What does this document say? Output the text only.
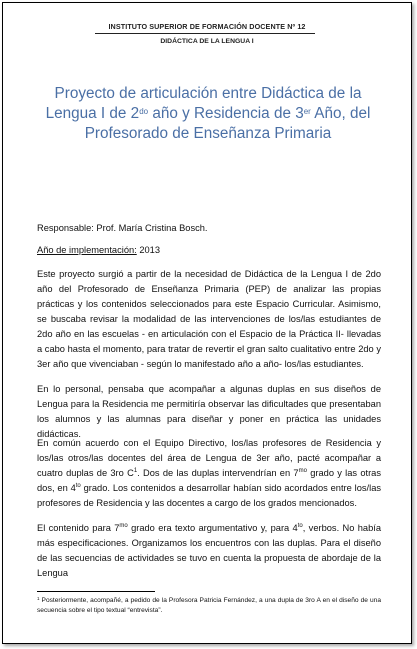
INSTITUTO SUPERIOR DE FORMACIÓN DOCENTE Nº 12
DIDÁCTICA DE LA LENGUA I
Proyecto de articulación entre Didáctica de la
Lengua I de $2^{do}$ año y Residencia de 3er Año, del
Profesorado de Enseñanza Primaria
Responsable: Prof. María Cristina Bosch.
Año de implementación: 2013
Este proyecto surgió a partir de la necesidad de Didáctica de la Lengua I de 2do año del Profesorado de Enseñanza Primaria (PEP) de analizar las propias prácticas y los contenidos seleccionados para este Espacio Curricular. Asimismo, se buscaba revisar la modalidad de las intervenciones de los/las estudiantes de 2do año en las escuelas - en articulación con el Espacio de la Práctica II- llevadas a cabo hasta el momento, para tratar de revertir el gran salto cualitativo entre 2do y 3er año que vivenciaban - según lo manifestado año a año- los/las estudiantes.
En lo personal, pensaba que acompañar a algunas duplas en sus diseños de Lengua para la Residencia me permitiría observar las dificultades que presentaban los alumnos y las alumnas para diseñar y poner en práctica las unidades didácticas.
En común acuerdo con el Equipo Directivo, los/las profesores de Residencia y los/las otros/las docentes del área de Lengua de 3er año, pacté acompañar a cuatro duplas de 3ro $C^1$. Dos de las duplas intervendrían en $7^{mo}$ grado y las otras dos, en $4^{to}$ grado. Los contenidos a desarrollar habían sido acordados entre los/las profesores de Residencia y las docentes a cargo de los grados mencionados.
El contenido para $7^{mo}$ grado era texto argumentativo y, para $4^{to}$, verbos. No había más especificaciones. Organizamos los encuentros con las duplas. Para el diseño de las secuencias de actividades se tuvo en cuenta la propuesta de abordaje de la Lengua
$^1$ Posteriormente, acompañé, a pedido de la Profesora Patricia Fernández, a una dupla de 3ro A en el diseño de una secuencia sobre el tipo textual “entrevista”.
